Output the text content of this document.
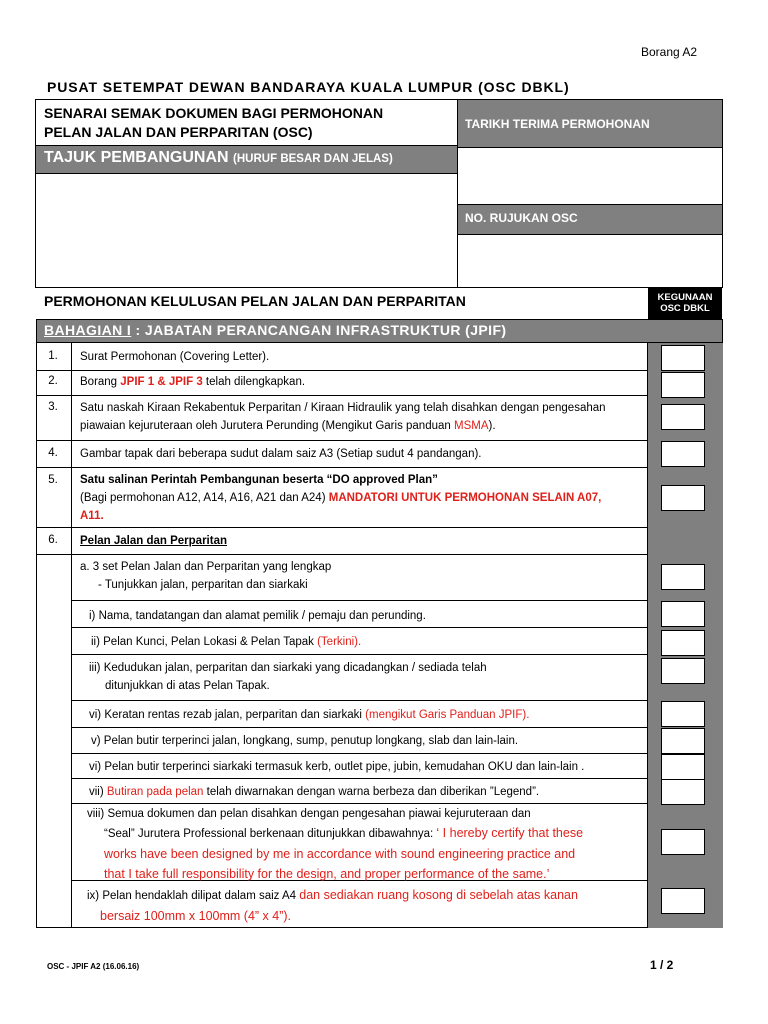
Borang A2
PUSAT SETEMPAT DEWAN BANDARAYA KUALA LUMPUR (OSC DBKL)
SENARAI SEMAK DOKUMEN BAGI PERMOHONAN
PELAN JALAN DAN PERPARITAN (OSC)
TAJUK PEMBANGUNAN (HURUF BESAR DAN JELAS)
TARIKH TERIMA PERMOHONAN
NO. RUJUKAN OSC
PERMOHONAN KELULUSAN PELAN JALAN DAN PERPARITAN	KEGUNAAN
OSC DBKL
BAHAGIAN I : JABATAN PERANCANGAN INFRASTRUKTUR (JPIF)
1.	Surat Permohonan (Covering Letter).
2.	Borang JPIF 1 & JPIF 3 telah dilengkapkan.
3.	Satu naskah Kiraan Rekabentuk Perparitan / Kiraan Hidraulik yang telah disahkan dengan pengesahan
piawaian kejuruteraan oleh Jurutera Perunding (Mengikut Garis panduan MSMA).
4.	Gambar tapak dari beberapa sudut dalam saiz A3 (Setiap sudut 4 pandangan).
5.	Satu salinan Perintah Pembangunan beserta “DO approved Plan”
(Bagi permohonan A12, A14, A16, A21 dan A24) MANDATORI UNTUK PERMOHONAN SELAIN A07,
A11.
6.	Pelan Jalan dan Perparitan
a. 3 set Pelan Jalan dan Perparitan yang lengkap
- Tunjukkan jalan, perparitan dan siarkaki
i) Nama, tandatangan dan alamat pemilik / pemaju dan perunding.
ii) Pelan Kunci, Pelan Lokasi & Pelan Tapak (Terkini).
iii) Kedudukan jalan, perparitan dan siarkaki yang dicadangkan / sediada telah
ditunjukkan di atas Pelan Tapak.
vi) Keratan rentas rezab jalan, perparitan dan siarkaki (mengikut Garis Panduan JPIF).
v) Pelan butir terperinci jalan, longkang, sump, penutup longkang, slab dan lain-lain.
vi) Pelan butir terperinci siarkaki termasuk kerb, outlet pipe, jubin, kemudahan OKU dan lain-lain .
vii) Butiran pada pelan telah diwarnakan dengan warna berbeza dan diberikan ”Legend”.
viii) Semua dokumen dan pelan disahkan dengan pengesahan piawai kejuruteraan dan
“Seal” Jurutera Professional berkenaan ditunjukkan dibawahnya: ‘ I hereby certify that these
works have been designed by me in accordance with sound engineering practice and
that I take full responsibility for the design, and proper performance of the same.’
ix) Pelan hendaklah dilipat dalam saiz A4 dan sediakan ruang kosong di sebelah atas kanan
bersaiz 100mm x 100mm (4” x 4”).
OSC - JPIF A2 (16.06.16)	1 / 2
